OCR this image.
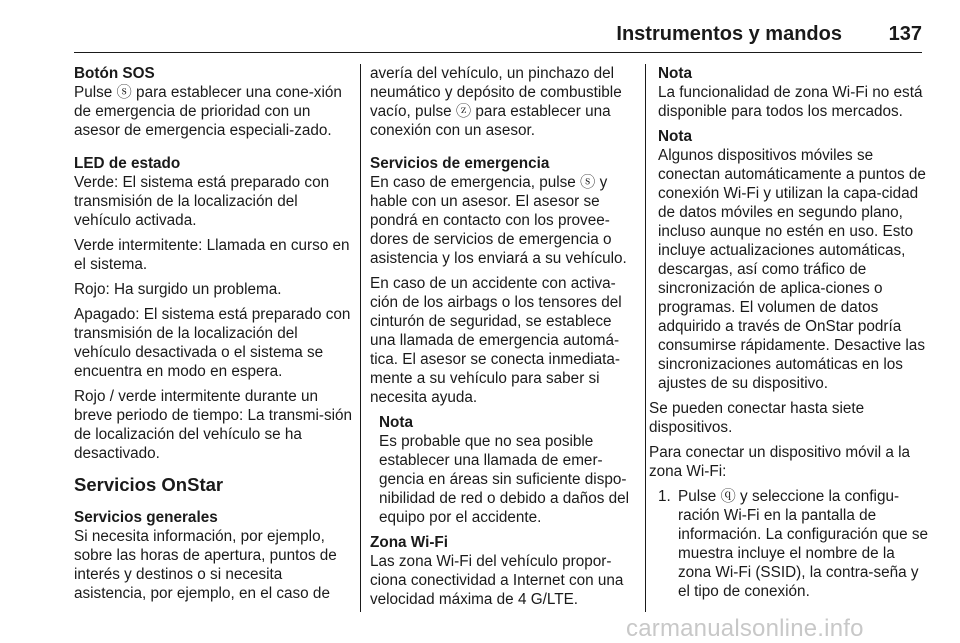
Instrumentos y mandos 137
Botón SOS
Pulse ⓢ para establecer una cone-xión de emergencia de prioridad con un asesor de emergencia especiali-zado.
LED de estado
Verde: El sistema está preparado con transmisión de la localización del vehículo activada.
Verde intermitente: Llamada en curso en el sistema.
Rojo: Ha surgido un problema.
Apagado: El sistema está preparado con transmisión de la localización del vehículo desactivada o el sistema se encuentra en modo en espera.
Rojo / verde intermitente durante un breve periodo de tiempo: La transmi-sión de localización del vehículo se ha desactivado.
Servicios OnStar
Servicios generales
Si necesita información, por ejemplo, sobre las horas de apertura, puntos de interés y destinos o si necesita asistencia, por ejemplo, en el caso de
avería del vehículo, un pinchazo del neumático y depósito de combustible vacío, pulse ⓩ para establecer una conexión con un asesor.
Servicios de emergencia
En caso de emergencia, pulse ⓢ y hable con un asesor. El asesor se pondrá en contacto con los provee-dores de servicios de emergencia o asistencia y los enviará a su vehículo.
En caso de un accidente con activa-ción de los airbags o los tensores del cinturón de seguridad, se establece una llamada de emergencia automá-tica. El asesor se conecta inmediata-mente a su vehículo para saber si necesita ayuda.
Nota
Es probable que no sea posible establecer una llamada de emer-gencia en áreas sin suficiente dispo-nibilidad de red o debido a daños del equipo por el accidente.
Zona Wi-Fi
Las zona Wi-Fi del vehículo propor-ciona conectividad a Internet con una velocidad máxima de 4 G/LTE.
Nota
La funcionalidad de zona Wi-Fi no está disponible para todos los mercados.
Nota
Algunos dispositivos móviles se conectan automáticamente a puntos de conexión Wi-Fi y utilizan la capa-cidad de datos móviles en segundo plano, incluso aunque no estén en uso. Esto incluye actualizaciones automáticas, descargas, así como tráfico de sincronización de aplica-ciones o programas. El volumen de datos adquirido a través de OnStar podría consumirse rápidamente. Desactive las sincronizaciones automáticas en los ajustes de su dispositivo.
Se pueden conectar hasta siete dispositivos.
Para conectar un dispositivo móvil a la zona Wi-Fi:
1. Pulse ⓠ y seleccione la configu-ración Wi-Fi en la pantalla de información. La configuración que se muestra incluye el nombre de la zona Wi-Fi (SSID), la contra-seña y el tipo de conexión.
carmanualsonline.info
